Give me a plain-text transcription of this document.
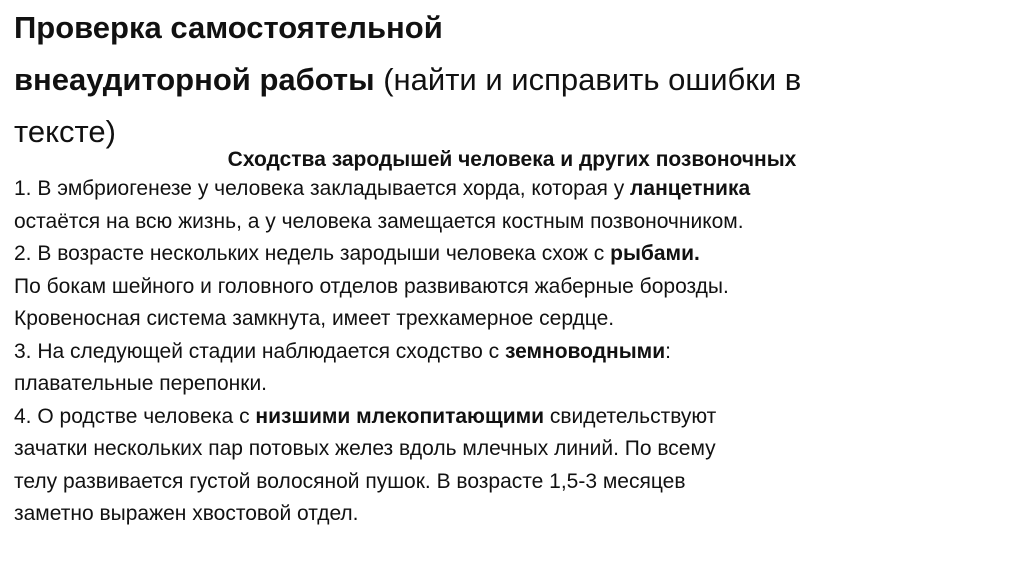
Проверка самостоятельной
внеаудиторной работы (найти и исправить ошибки в
тексте)
Сходства зародышей человека и других позвоночных
1. В эмбриогенезе у человека закладывается хорда, которая у ланцетника
остаётся на всю жизнь, а у человека замещается костным позвоночником.
2. В возрасте нескольких недель зародыши человека схож с рыбами.
По бокам шейного и головного отделов развиваются жаберные борозды.
Кровеносная система замкнута, имеет трехкамерное сердце.
3. На следующей стадии наблюдается сходство с земноводными:
плавательные перепонки.
4. О родстве человека с низшими млекопитающими свидетельствуют
зачатки нескольких пар потовых желез вдоль млечных линий. По всему
телу развивается густой волосяной пушок. В возрасте 1,5-3 месяцев
заметно выражен хвостовой отдел.
